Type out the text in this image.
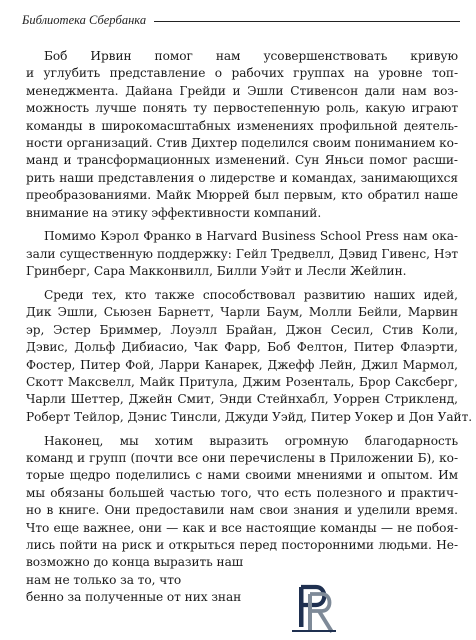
Библиотека Сбербанка
Боб Ирвин помог нам усовершенствовать кривую
и углубить представление о рабочих группах на уровне топ-
менеджмента. Дайана Грейди и Эшли Стивенсон дали нам воз-
можность лучше понять ту первостепенную роль, какую играют
команды в широкомасштабных изменениях профильной деятель-
ности организаций. Стив Дихтер поделился своим пониманием ко-
манд и трансформационных изменений. Сун Яньси помог расши-
рить наши представления о лидерстве и командах, занимающихся
преобразованиями. Майк Мюррей был первым, кто обратил наше
внимание на этику эффективности компаний.
Помимо Кэрол Франко в Harvard Business School Press нам ока-
зали существенную поддержку: Гейл Тредвелл, Дэвид Гивенс, Нэт
Гринберг, Сара Макконвилл, Билли Уэйт и Лесли Жейлин.
Среди тех, кто также способствовал развитию наших идей,
Дик Эшли, Сьюзен Барнетт, Чарли Баум, Молли Бейли, Марвин
эр, Эстер Бриммер, Лоуэлл Брайан, Джон Сесил, Стив Коли,
Дэвис, Дольф Дибиасио, Чак Фарр, Боб Фелтон, Питер Флаэрти,
Фостер, Питер Фой, Ларри Канарек, Джефф Лейн, Джил Мармол,
Скотт Максвелл, Майк Притула, Джим Розенталь, Брор Саксберг,
Чарли Шеттер, Джейн Смит, Энди Стейнхабл, Уоррен Стрикленд,
Роберт Тейлор, Дэнис Тинсли, Джуди Уэйд, Питер Уокер и Дон Уайт.
Наконец, мы хотим выразить огромную благодарность
команд и групп (почти все они перечислены в Приложении Б), ко-
торые щедро поделились с нами своими мнениями и опытом. Им
мы обязаны большей частью того, что есть полезного и практич-
но в книге. Они предоставили нам свои знания и уделили время.
Что еще важнее, они — как и все настоящие команды — не побоя-
лись пойти на риск и открыться перед посторонними людьми. Не-
возможно до конца выразить наш
нам не только за то, что
бенно за полученные от них знан
